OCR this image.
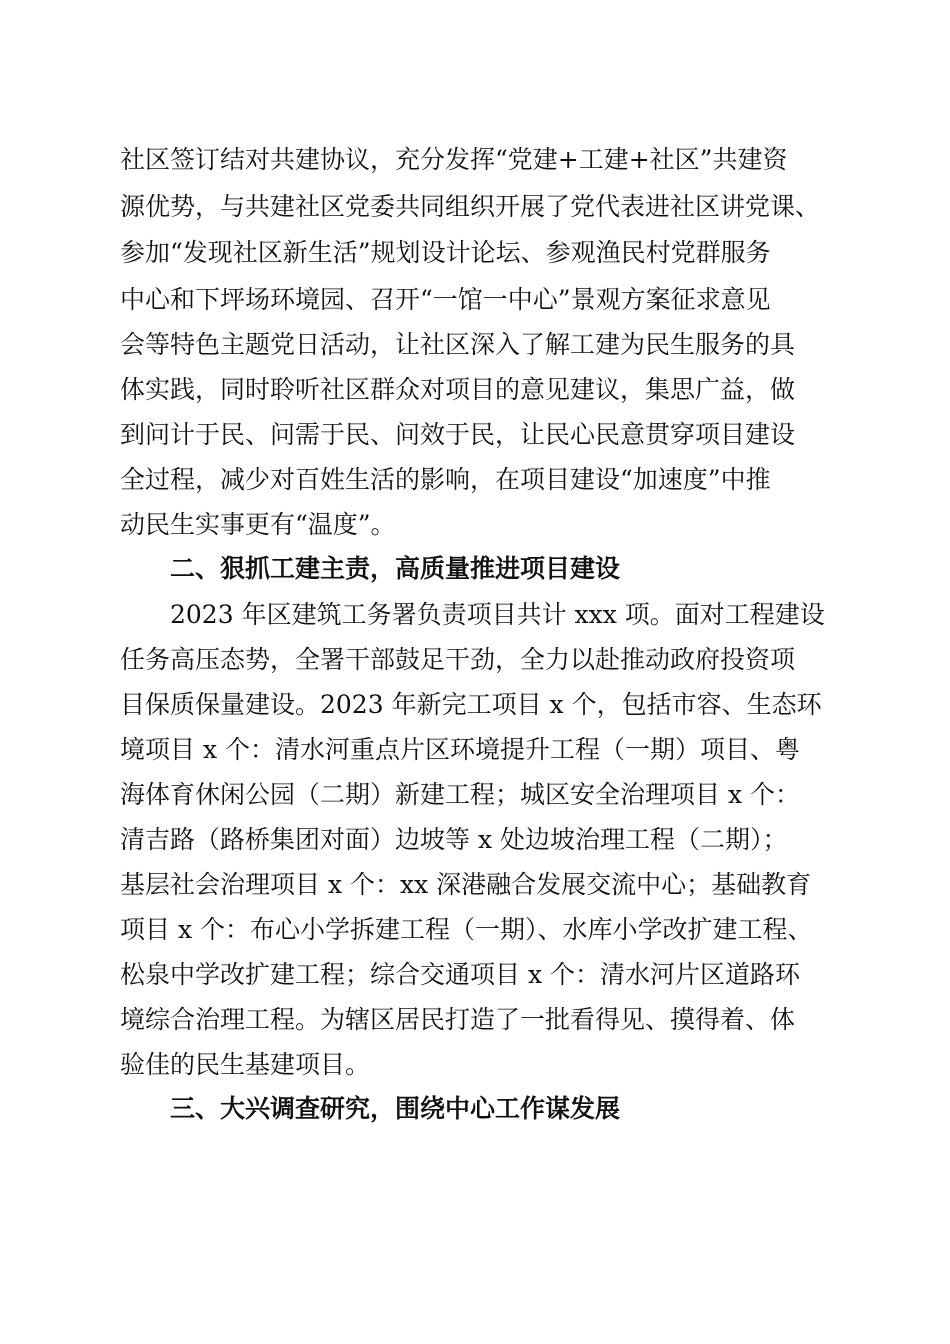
社区签订结对共建协议，充分发挥“党建+工建+社区”共建资
源优势，与共建社区党委共同组织开展了党代表进社区讲党课、
参加“发现社区新生活”规划设计论坛、参观渔民村党群服务
中心和下坪场环境园、召开“一馆一中心”景观方案征求意见
会等特色主题党日活动，让社区深入了解工建为民生服务的具
体实践，同时聆听社区群众对项目的意见建议，集思广益，做
到问计于民、问需于民、问效于民，让民心民意贯穿项目建设
全过程，减少对百姓生活的影响，在项目建设“加速度”中推
动民生实事更有“温度”。
二、狠抓工建主责，高质量推进项目建设
2023 年区建筑工务署负责项目共计 xxx 项。面对工程建设
任务高压态势，全署干部鼓足干劲，全力以赴推动政府投资项
目保质保量建设。2023 年新完工项目 x 个，包括市容、生态环
境项目 x 个：清水河重点片区环境提升工程（一期）项目、粤
海体育休闲公园（二期）新建工程；城区安全治理项目 x 个：
清吉路（路桥集团对面）边坡等 x 处边坡治理工程（二期）；
基层社会治理项目 x 个：xx 深港融合发展交流中心；基础教育
项目 x 个：布心小学拆建工程（一期）、水库小学改扩建工程、
松泉中学改扩建工程；综合交通项目 x 个：清水河片区道路环
境综合治理工程。为辖区居民打造了一批看得见、摸得着、体
验佳的民生基建项目。
三、大兴调查研究，围绕中心工作谋发展
